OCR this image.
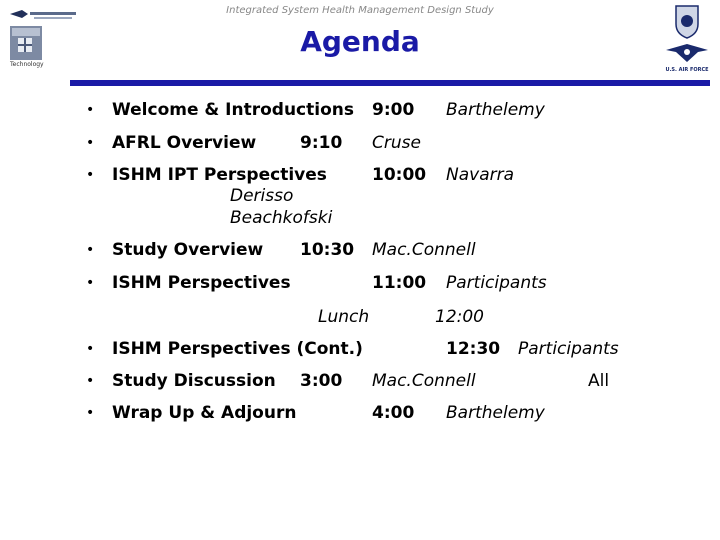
Integrated System Health Management Design Study
Agenda
Technology
U.S. AIR FORCE
• Welcome & Introductions 9:00 Barthelemy
• AFRL Overview	9:10 Cruse
• ISHM IPT Perspectives	10:00 Navarra
Derisso
Beachkofski
• Study Overview 10:30 Mac.Connell
• ISHM Perspectives	11:00 Participants
Lunch	12:00
• ISHM Perspectives (Cont.)	12:30 Participants
• Study Discussion 3:00 Mac.Connell	All
• Wrap Up & Adjourn	4:00 Barthelemy
